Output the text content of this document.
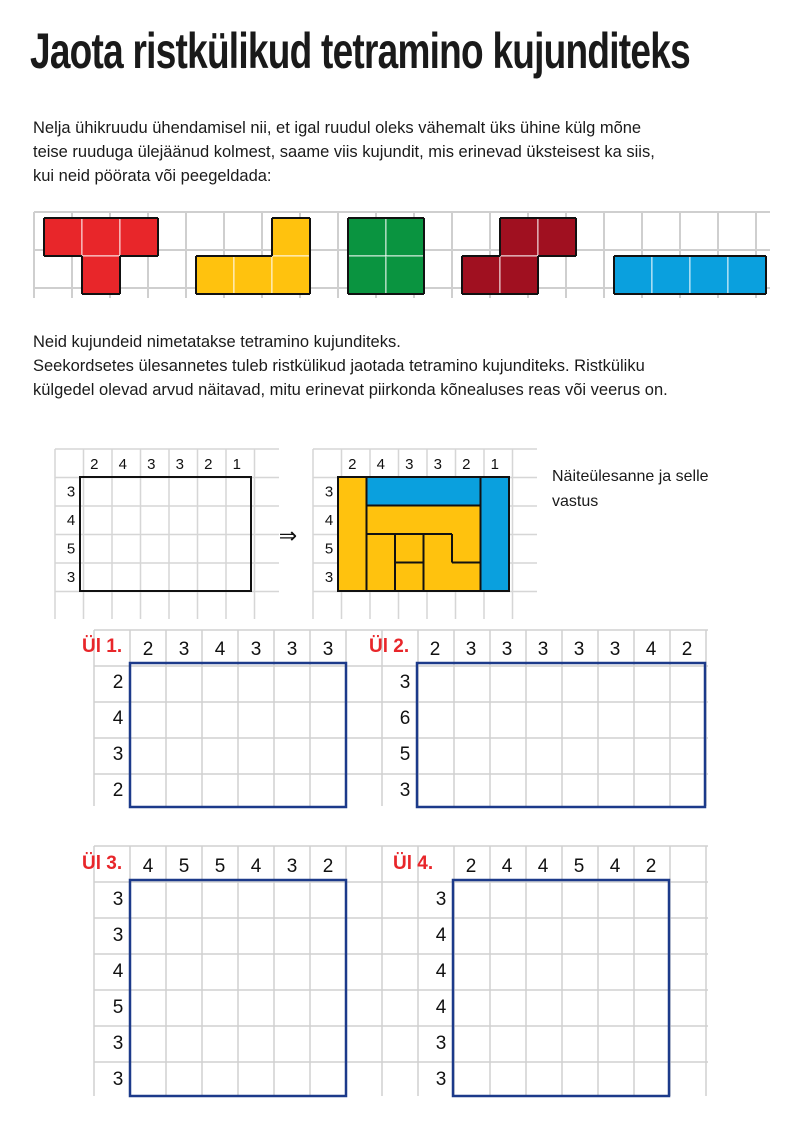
Jaota ristkülikud tetramino kujunditeks
Nelja ühikruudu ühendamisel nii, et igal ruudul oleks vähemalt üks ühine külg mõne
teise ruuduga ülejäänud kolmest, saame viis kujundit, mis erinevad üksteisest ka siis,
kui neid pöörata või peegeldada:
Neid kujundeid nimetatakse tetramino kujunditeks.
Seekordsetes ülesannetes tuleb ristkülikud jaotada tetramino kujunditeks. Ristküliku
külgedel olevad arvud näitavad, mitu erinevat piirkonda kõnealuses reas või veerus on.
Näiteülesanne ja selle vastus
2 4 3 3 2 1
3
4
5
3
2 4 3 3 2 1
3
4
5
3
⇒
Ül 1. 2 3 4 3 3 3
2
4
3
2
Ül 2. 2 3 3 3 3 3 4 2
3
6
5
3
Ül 3. 4 5 5 4 3 2
3
3
4
5
3
3
Ül 4. 2 4 4 5 4 2
3
4
4
4
3
3
